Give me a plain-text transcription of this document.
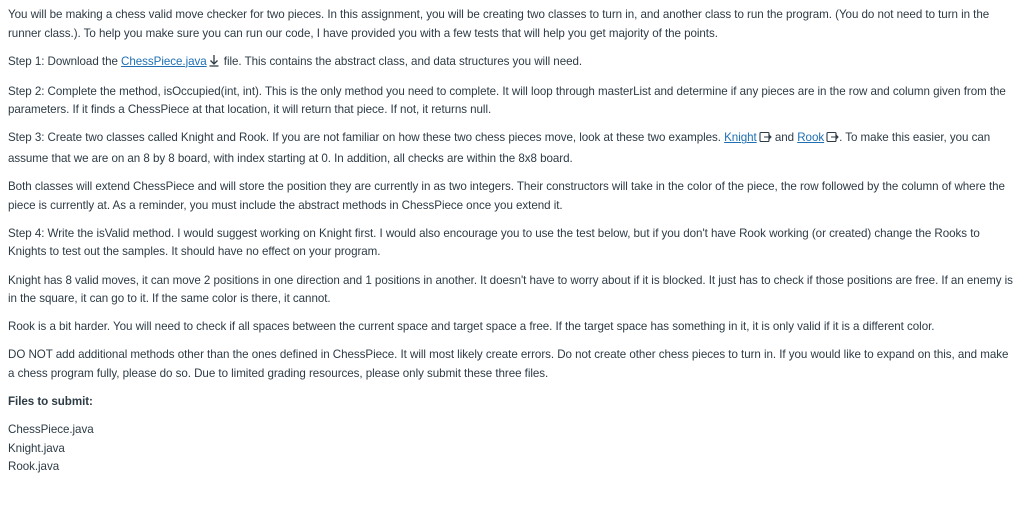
You will be making a chess valid move checker for two pieces. In this assignment, you will be creating two classes to turn in, and another class to run the program. (You do not need to turn in the runner class.). To help you make sure you can run our code, I have provided you with a few tests that will help you get majority of the points.

Step 1: Download the ChessPiece.java file. This contains the abstract class, and data structures you will need.

Step 2: Complete the method, isOccupied(int, int). This is the only method you need to complete. It will loop through masterList and determine if any pieces are in the row and column given from the parameters. If it finds a ChessPiece at that location, it will return that piece. If not, it returns null.

Step 3: Create two classes called Knight and Rook. If you are not familiar on how these two chess pieces move, look at these two examples. Knight and Rook . To make this easier, you can assume that we are on an 8 by 8 board, with index starting at 0. In addition, all checks are within the 8x8 board.

Both classes will extend ChessPiece and will store the position they are currently in as two integers. Their constructors will take in the color of the piece, the row followed by the column of where the piece is currently at. As a reminder, you must include the abstract methods in ChessPiece once you extend it.

Step 4: Write the isValid method. I would suggest working on Knight first. I would also encourage you to use the test below, but if you don't have Rook working (or created) change the Rooks to Knights to test out the samples. It should have no effect on your program.

Knight has 8 valid moves, it can move 2 positions in one direction and 1 positions in another. It doesn't have to worry about if it is blocked. It just has to check if those positions are free. If an enemy is in the square, it can go to it. If the same color is there, it cannot.

Rook is a bit harder. You will need to check if all spaces between the current space and target space a free. If the target space has something in it, it is only valid if it is a different color.

DO NOT add additional methods other than the ones defined in ChessPiece. It will most likely create errors. Do not create other chess pieces to turn in. If you would like to expand on this, and make a chess program fully, please do so. Due to limited grading resources, please only submit these three files.

Files to submit:

ChessPiece.java

Knight.java

Rook.java
